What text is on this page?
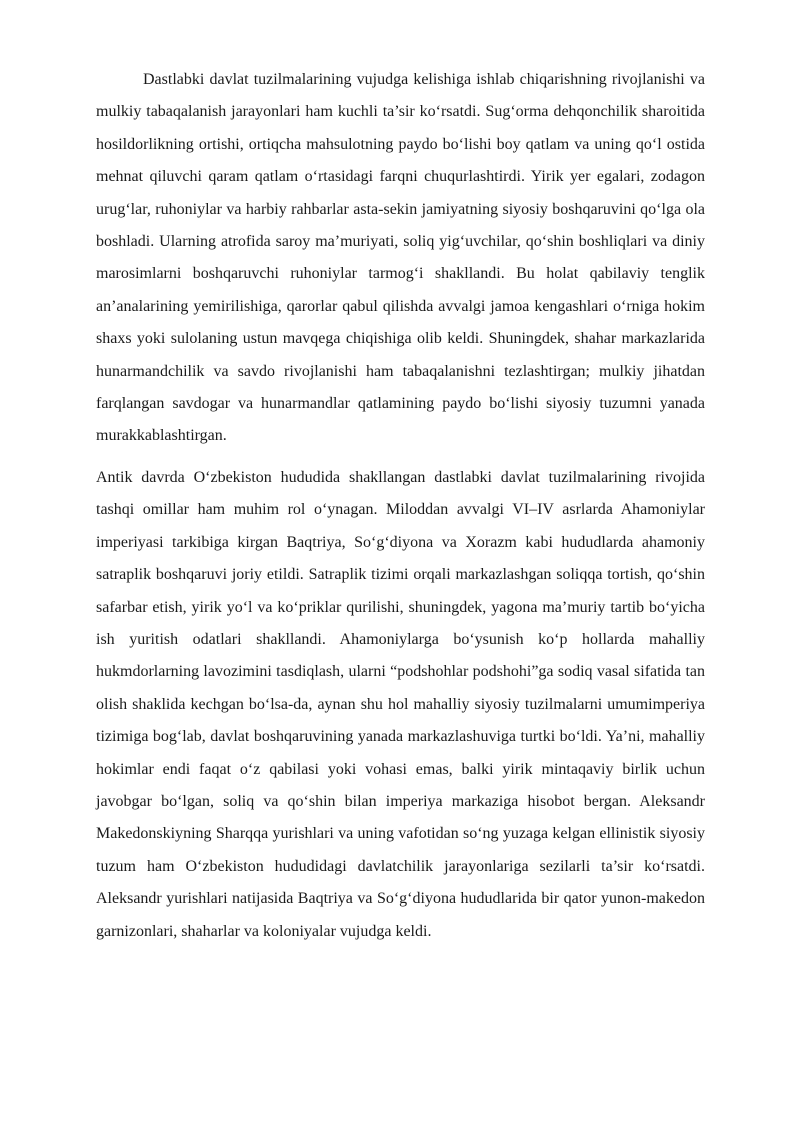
Dastlabki davlat tuzilmalarining vujudga kelishiga ishlab chiqarishning rivojlanishi va mulkiy tabaqalanish jarayonlari ham kuchli ta’sir ko‘rsatdi. Sug‘orma dehqonchilik sharoitida hosildorlikning ortishi, ortiqcha mahsulotning paydo bo‘lishi boy qatlam va uning qo‘l ostida mehnat qiluvchi qaram qatlam o‘rtasidagi farqni chuqurlashtirdi. Yirik yer egalari, zodagon urug‘lar, ruhoniylar va harbiy rahbarlar asta-sekin jamiyatning siyosiy boshqaruvini qo‘lga ola boshladi. Ularning atrofida saroy ma’muriyati, soliq yig‘uvchilar, qo‘shin boshliqlari va diniy marosimlarni boshqaruvchi ruhoniylar tarmog‘i shakllandi. Bu holat qabilaviy tenglik an’analarining yemirilishiga, qarorlar qabul qilishda avvalgi jamoa kengashlari o‘rniga hokim shaxs yoki sulolaning ustun mavqega chiqishiga olib keldi. Shuningdek, shahar markazlarida hunarmandchilik va savdo rivojlanishi ham tabaqalanishni tezlashtirgan; mulkiy jihatdan farqlangan savdogar va hunarmandlar qatlamining paydo bo‘lishi siyosiy tuzumni yanada murakkablashtirgan.

Antik davrda O‘zbekiston hududida shakllangan dastlabki davlat tuzilmalarining rivojida tashqi omillar ham muhim rol o‘ynagan. Miloddan avvalgi VI–IV asrlarda Ahamoniylar imperiyasi tarkibiga kirgan Baqtriya, So‘g‘diyona va Xorazm kabi hududlarda ahamoniy satraplik boshqaruvi joriy etildi. Satraplik tizimi orqali markazlashgan soliqqa tortish, qo‘shin safarbar etish, yirik yo‘l va ko‘priklar qurilishi, shuningdek, yagona ma’muriy tartib bo‘yicha ish yuritish odatlari shakllandi. Ahamoniylarga bo‘ysunish ko‘p hollarda mahalliy hukmdorlarning lavozimini tasdiqlash, ularni “podshohlar podshohi”ga sodiq vasal sifatida tan olish shaklida kechgan bo‘lsa-da, aynan shu hol mahalliy siyosiy tuzilmalarni umumimperiya tizimiga bog‘lab, davlat boshqaruvining yanada markazlashuviga turtki bo‘ldi. Ya’ni, mahalliy hokimlar endi faqat o‘z qabilasi yoki vohasi emas, balki yirik mintaqaviy birlik uchun javobgar bo‘lgan, soliq va qo‘shin bilan imperiya markaziga hisobot bergan. Aleksandr Makedonskiyning Sharqqa yurishlari va uning vafotidan so‘ng yuzaga kelgan ellinistik siyosiy tuzum ham O‘zbekiston hududidagi davlatchilik jarayonlariga sezilarli ta’sir ko‘rsatdi. Aleksandr yurishlari natijasida Baqtriya va So‘g‘diyona hududlarida bir qator yunon-makedon garnizonlari, shaharlar va koloniyalar vujudga keldi.
